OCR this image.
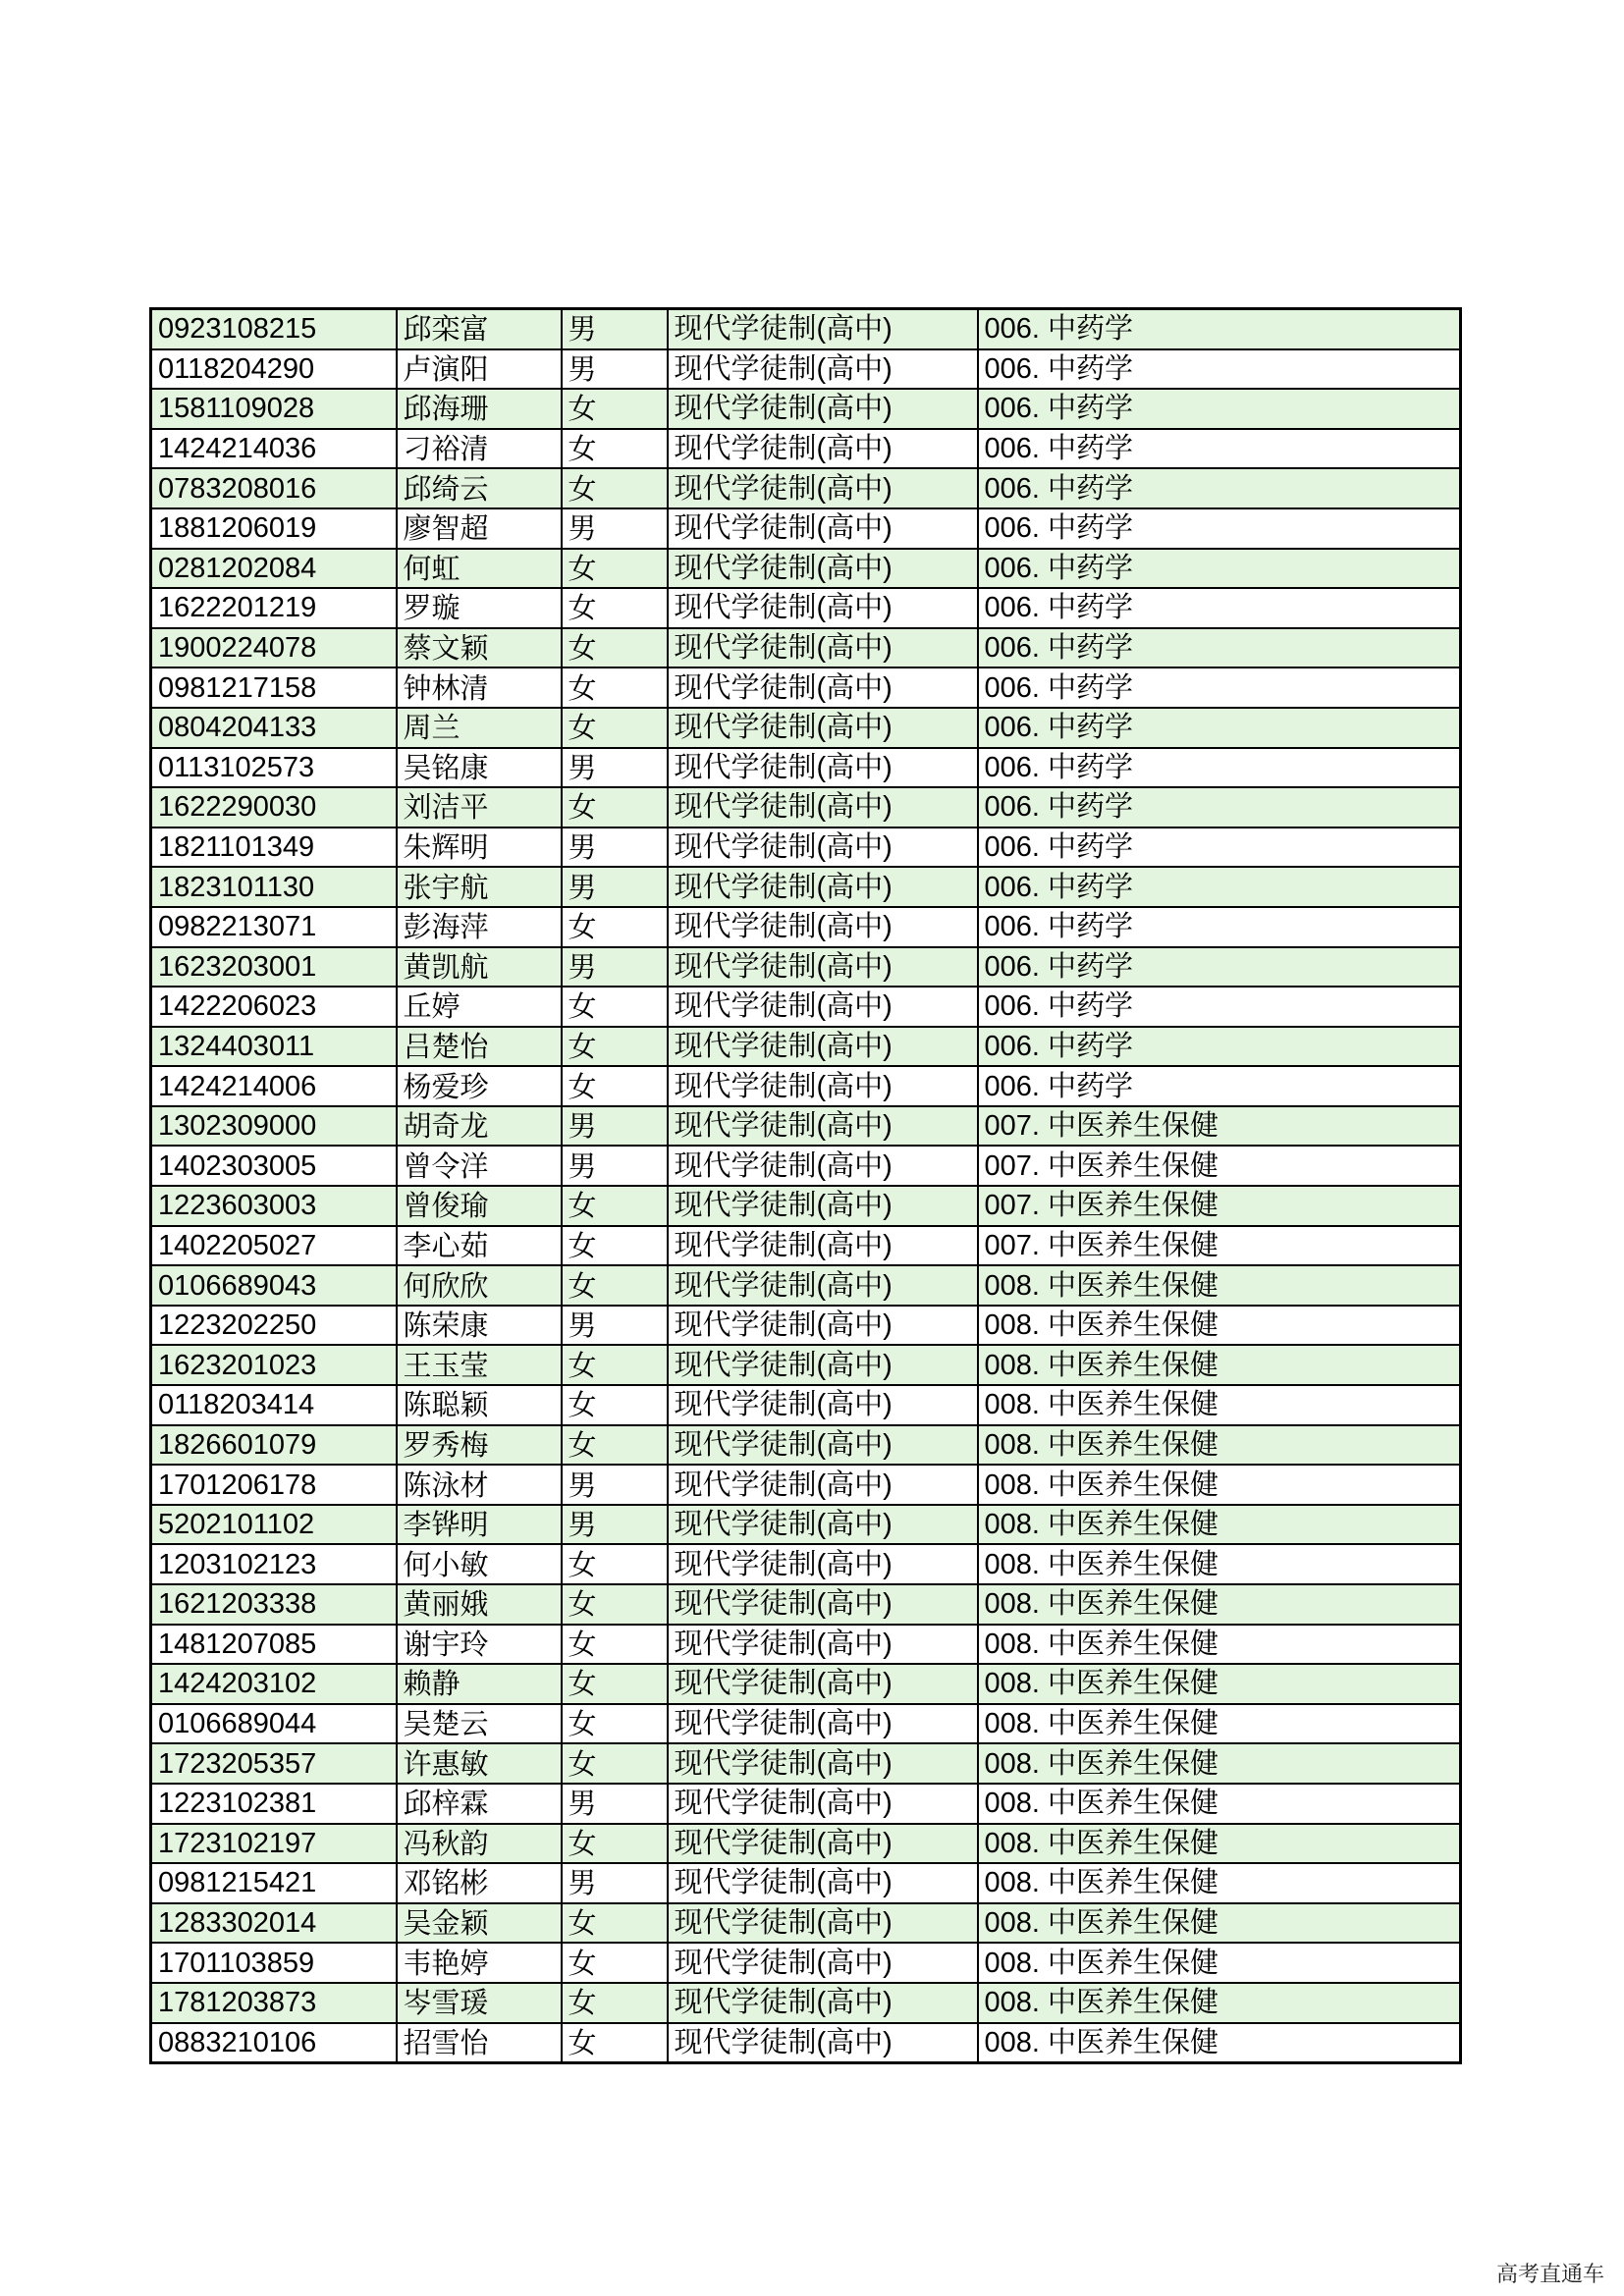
0923108215	邱栾富	男	现代学徒制(高中)	006. 中药学
0118204290	卢演阳	男	现代学徒制(高中)	006. 中药学
1581109028	邱海珊	女	现代学徒制(高中)	006. 中药学
1424214036	刁裕清	女	现代学徒制(高中)	006. 中药学
0783208016	邱绮云	女	现代学徒制(高中)	006. 中药学
1881206019	廖智超	男	现代学徒制(高中)	006. 中药学
0281202084	何虹	女	现代学徒制(高中)	006. 中药学
1622201219	罗璇	女	现代学徒制(高中)	006. 中药学
1900224078	蔡文颖	女	现代学徒制(高中)	006. 中药学
0981217158	钟林清	女	现代学徒制(高中)	006. 中药学
0804204133	周兰	女	现代学徒制(高中)	006. 中药学
0113102573	吴铭康	男	现代学徒制(高中)	006. 中药学
1622290030	刘洁平	女	现代学徒制(高中)	006. 中药学
1821101349	朱辉明	男	现代学徒制(高中)	006. 中药学
1823101130	张宇航	男	现代学徒制(高中)	006. 中药学
0982213071	彭海萍	女	现代学徒制(高中)	006. 中药学
1623203001	黄凯航	男	现代学徒制(高中)	006. 中药学
1422206023	丘婷	女	现代学徒制(高中)	006. 中药学
1324403011	吕楚怡	女	现代学徒制(高中)	006. 中药学
1424214006	杨爱珍	女	现代学徒制(高中)	006. 中药学
1302309000	胡奇龙	男	现代学徒制(高中)	007. 中医养生保健
1402303005	曾令洋	男	现代学徒制(高中)	007. 中医养生保健
1223603003	曾俊瑜	女	现代学徒制(高中)	007. 中医养生保健
1402205027	李心茹	女	现代学徒制(高中)	007. 中医养生保健
0106689043	何欣欣	女	现代学徒制(高中)	008. 中医养生保健
1223202250	陈荣康	男	现代学徒制(高中)	008. 中医养生保健
1623201023	王玉莹	女	现代学徒制(高中)	008. 中医养生保健
0118203414	陈聪颖	女	现代学徒制(高中)	008. 中医养生保健
1826601079	罗秀梅	女	现代学徒制(高中)	008. 中医养生保健
1701206178	陈泳材	男	现代学徒制(高中)	008. 中医养生保健
5202101102	李铧明	男	现代学徒制(高中)	008. 中医养生保健
1203102123	何小敏	女	现代学徒制(高中)	008. 中医养生保健
1621203338	黄丽娥	女	现代学徒制(高中)	008. 中医养生保健
1481207085	谢宇玲	女	现代学徒制(高中)	008. 中医养生保健
1424203102	赖静	女	现代学徒制(高中)	008. 中医养生保健
0106689044	吴楚云	女	现代学徒制(高中)	008. 中医养生保健
1723205357	许惠敏	女	现代学徒制(高中)	008. 中医养生保健
1223102381	邱梓霖	男	现代学徒制(高中)	008. 中医养生保健
1723102197	冯秋韵	女	现代学徒制(高中)	008. 中医养生保健
0981215421	邓铭彬	男	现代学徒制(高中)	008. 中医养生保健
1283302014	吴金颖	女	现代学徒制(高中)	008. 中医养生保健
1701103859	韦艳婷	女	现代学徒制(高中)	008. 中医养生保健
1781203873	岑雪瑗	女	现代学徒制(高中)	008. 中医养生保健
0883210106	招雪怡	女	现代学徒制(高中)	008. 中医养生保健
高考直通车
